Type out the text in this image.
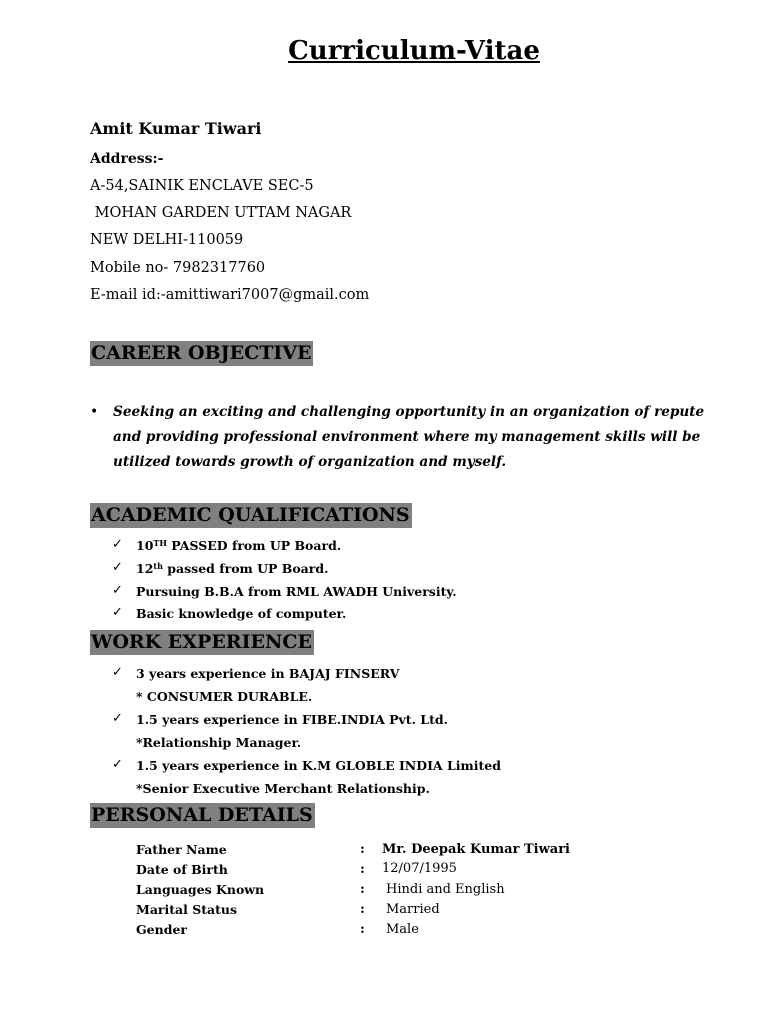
Curriculum-Vitae
Amit Kumar Tiwari
Address:-
A-54,SAINIK ENCLAVE SEC-5
MOHAN GARDEN UTTAM NAGAR
NEW DELHI-110059
Mobile no- 7982317760
E-mail id:-amittiwari7007@gmail.com
CAREER OBJECTIVE
• Seeking an exciting and challenging opportunity in an organization of repute and providing professional environment where my management skills will be utilized towards growth of organization and myself.
ACADEMIC QUALIFICATIONS
✓ 10TH PASSED from UP Board.
✓ 12th passed from UP Board.
✓ Pursuing B.B.A from RML AWADH University.
✓ Basic knowledge of computer.
WORK EXPERIENCE
✓ 3 years experience in BAJAJ FINSERV
* CONSUMER DURABLE.
✓ 1.5 years experience in FIBE.INDIA Pvt. Ltd.
*Relationship Manager.
✓ 1.5 years experience in K.M GLOBLE INDIA Limited
*Senior Executive Merchant Relationship.
PERSONAL DETAILS
Father Name	: Mr. Deepak Kumar Tiwari
Date of Birth	: 12/07/1995
Languages Known	: Hindi and English
Marital Status	: Married
Gender	: Male
